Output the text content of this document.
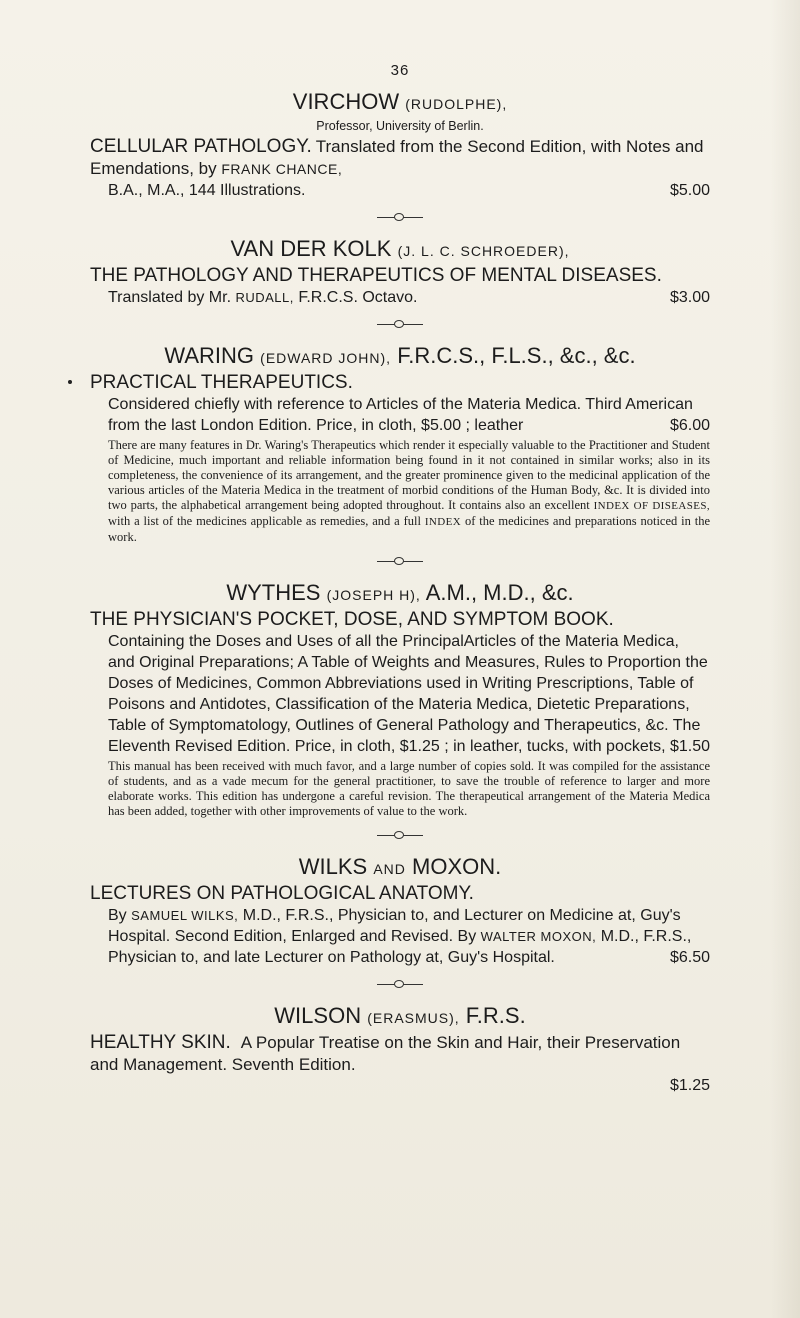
36

VIRCHOW (RUDOLPHE),

Professor, University of Berlin.

CELLULAR PATHOLOGY. Translated from the Second Edition, with Notes and Emendations, by FRANK CHANCE,
B.A., M.A., 144 Illustrations.	$5.00

VAN DER KOLK (J. L. C. SCHROEDER),

THE PATHOLOGY AND THERAPEUTICS OF MENTAL DISEASES.

Translated by Mr. RUDALL, F.R.C.S. Octavo.	$3.00

WARING (EDWARD JOHN), F.R.C.S., F.L.S., &c., &c.

PRACTICAL THERAPEUTICS.

Considered chiefly with reference to Articles of the Materia Medica. Third American from the last London Edition. Price, in cloth, $5.00 ; leather	$6.00

There are many features in Dr. Waring's Therapeutics which render it especially valuable to the Practitioner and Student of Medicine, much important and reliable information being found in it not contained in similar works; also in its completeness, the convenience of its arrangement, and the greater prominence given to the medicinal application of the various articles of the Materia Medica in the treatment of morbid conditions of the Human Body, &c. It is divided into two parts, the alphabetical arrangement being adopted throughout. It contains also an excellent INDEX OF DISEASES, with a list of the medicines applicable as remedies, and a full INDEX of the medicines and preparations noticed in the work.

WYTHES (JOSEPH H), A.M., M.D., &c.

THE PHYSICIAN'S POCKET, DOSE, AND SYMPTOM BOOK.

Containing the Doses and Uses of all the PrincipalArticles of the Materia Medica, and Original Preparations; A Table of Weights and Measures, Rules to Proportion the Doses of Medicines, Common Abbreviations used in Writing Prescriptions, Table of Poisons and Antidotes, Classification of the Materia Medica, Dietetic Preparations, Table of Symptomatology, Outlines of General Pathology and Therapeutics, &c. The Eleventh Revised Edition. Price, in cloth, $1.25 ; in leather, tucks, with pockets, $1.50

This manual has been received with much favor, and a large number of copies sold. It was compiled for the assistance of students, and as a vade mecum for the general practitioner, to save the trouble of reference to larger and more elaborate works. This edition has undergone a careful revision. The therapeutical arrangement of the Materia Medica has been added, together with other improvements of value to the work.

WILKS AND MOXON.

LECTURES ON PATHOLOGICAL ANATOMY.

By SAMUEL WILKS, M.D., F.R.S., Physician to, and Lecturer on Medicine at, Guy's Hospital. Second Edition, Enlarged and Revised. By WALTER MOXON, M.D., F.R.S., Physician to, and late Lecturer on Pathology at, Guy's Hospital.	$6.50

WILSON (ERASMUS), F.R.S.

HEALTHY SKIN. A Popular Treatise on the Skin and Hair, their Preservation and Management. Seventh Edition.
$1.25
